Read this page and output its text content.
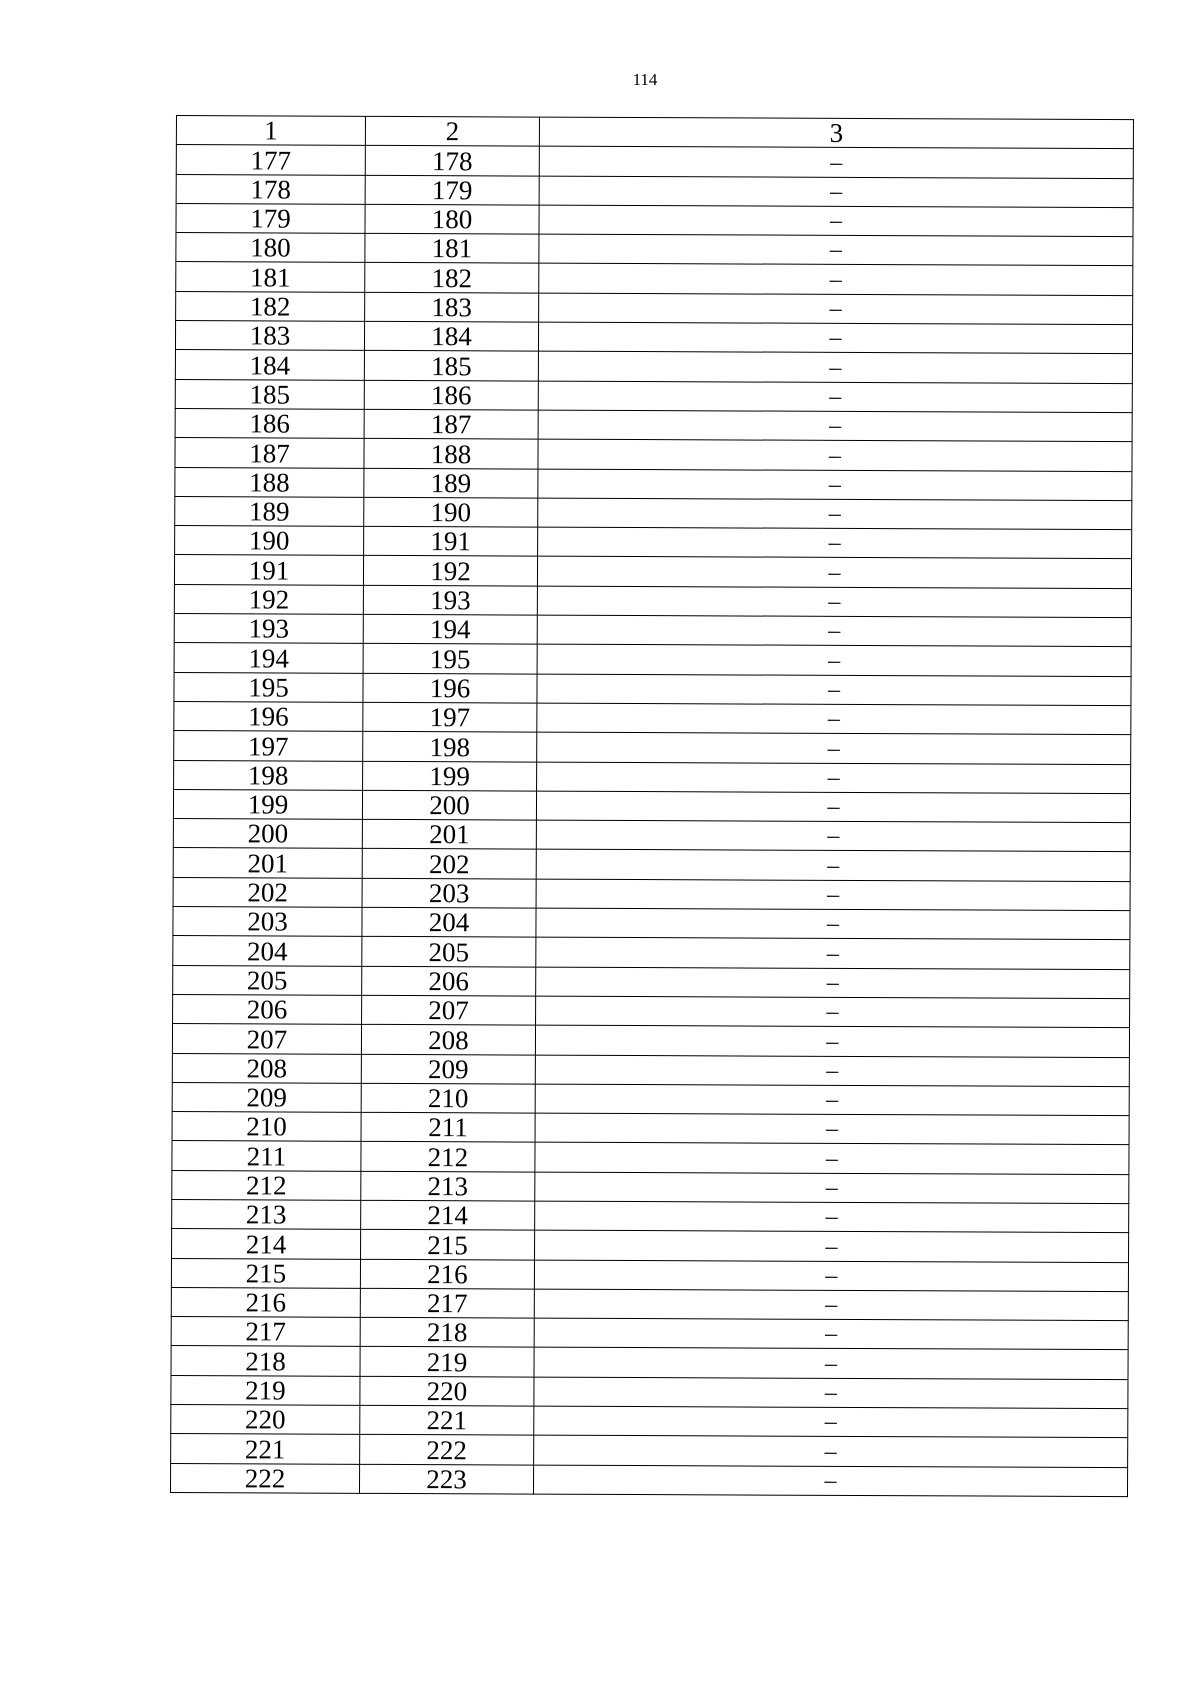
114
1	2	3
177	178	–
178	179	–
179	180	–
180	181	–
181	182	–
182	183	–
183	184	–
184	185	–
185	186	–
186	187	–
187	188	–
188	189	–
189	190	–
190	191	–
191	192	–
192	193	–
193	194	–
194	195	–
195	196	–
196	197	–
197	198	–
198	199	–
199	200	–
200	201	–
201	202	–
202	203	–
203	204	–
204	205	–
205	206	–
206	207	–
207	208	–
208	209	–
209	210	–
210	211	–
211	212	–
212	213	–
213	214	–
214	215	–
215	216	–
216	217	–
217	218	–
218	219	–
219	220	–
220	221	–
221	222	–
222	223	–
